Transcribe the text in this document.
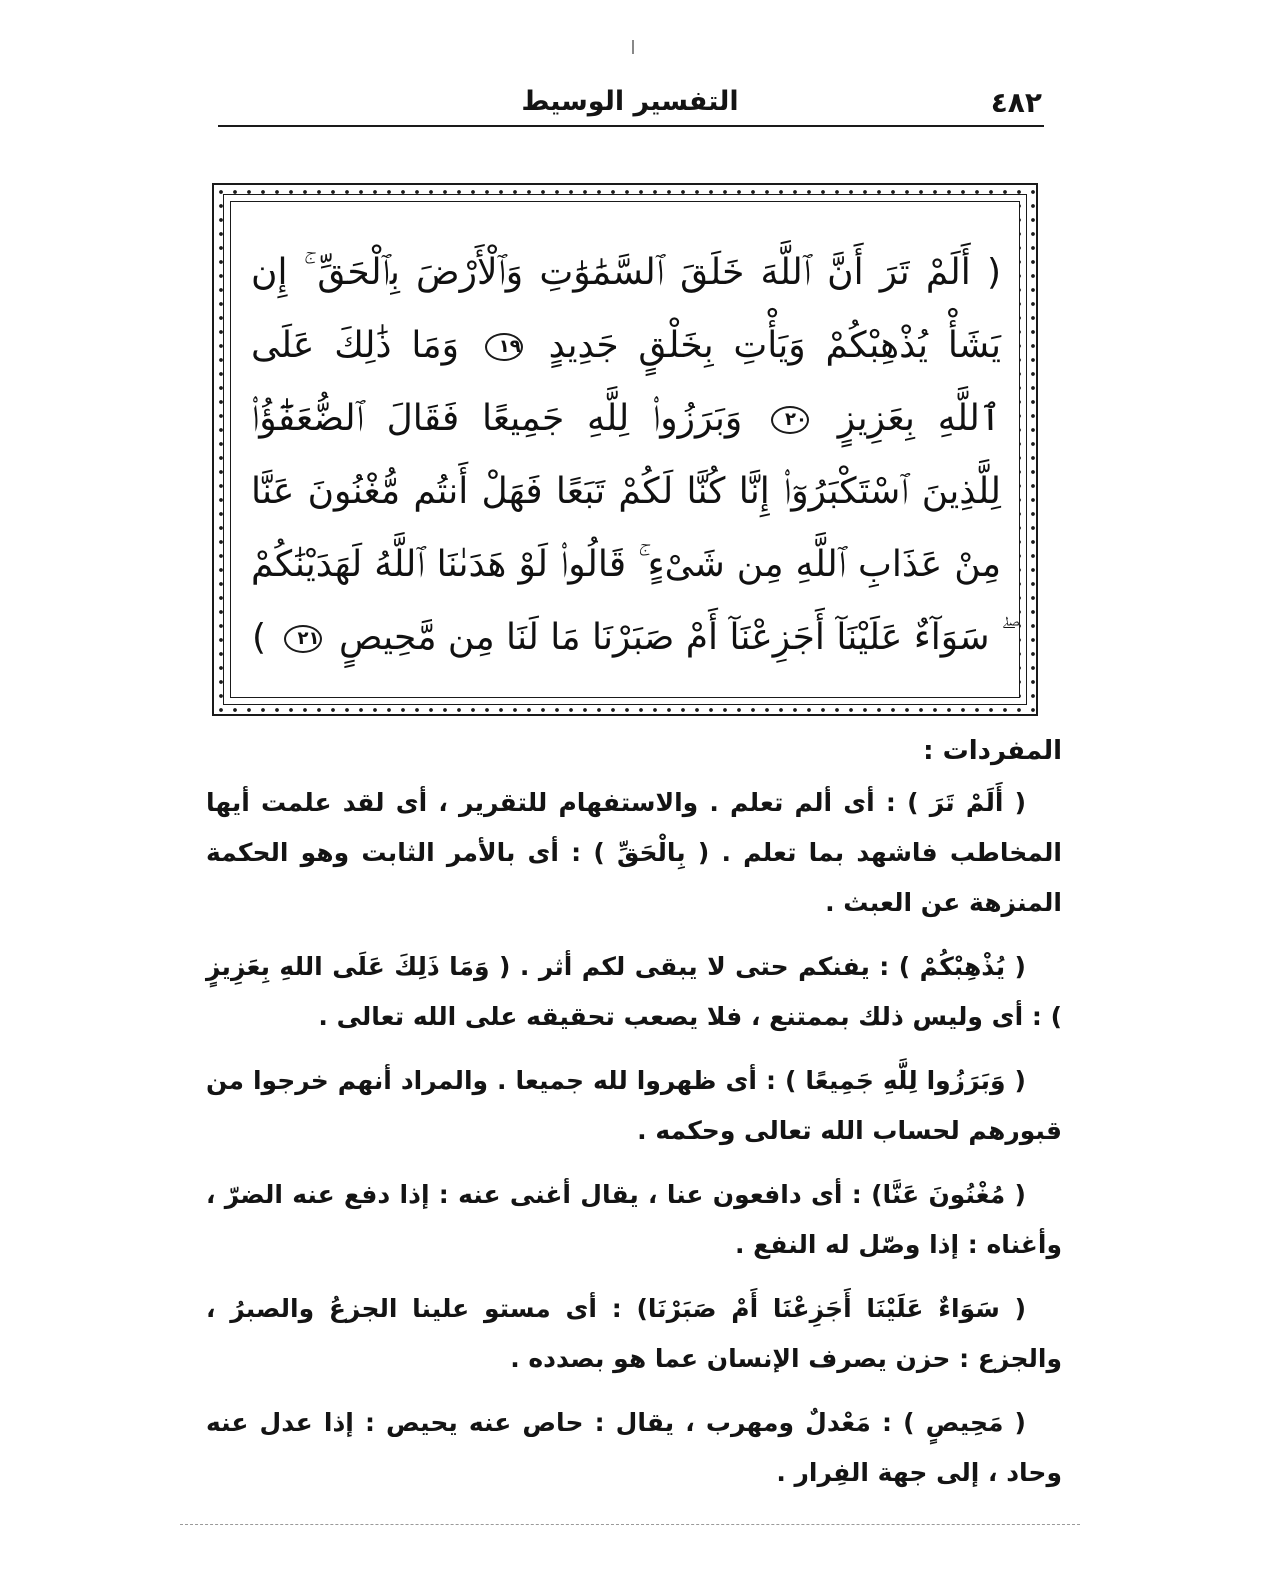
٤٨٢
التفسير الوسيط
( أَلَمْ تَرَ أَنَّ ٱللَّهَ خَلَقَ ٱلسَّمَٰوَٰتِ وَٱلْأَرْضَ بِٱلْحَقِّ ۚ إِن يَشَأْ يُذْهِبْكُمْ وَيَأْتِ بِخَلْقٍ جَدِيدٍ ١٩ وَمَا ذَٰلِكَ عَلَى ٱللَّهِ بِعَزِيزٍ ٢٠ وَبَرَزُوا۟ لِلَّهِ جَمِيعًا فَقَالَ ٱلضُّعَفَٰٓؤُا۟ لِلَّذِينَ ٱسْتَكْبَرُوٓا۟ إِنَّا كُنَّا لَكُمْ تَبَعًا فَهَلْ أَنتُم مُّغْنُونَ عَنَّا مِنْ عَذَابِ ٱللَّهِ مِن شَىْءٍ ۚ قَالُوا۟ لَوْ هَدَىٰنَا ٱللَّهُ لَهَدَيْنَٰكُمْ ۖ سَوَآءٌ عَلَيْنَآ أَجَزِعْنَآ أَمْ صَبَرْنَا مَا لَنَا مِن مَّحِيصٍ ٢١ )
المفردات :

( أَلَمْ تَرَ ) : أى ألم تعلم . والاستفهام للتقرير ، أى لقد علمت أيها المخاطب فاشهد بما تعلم . ( بِالْحَقِّ ) : أى بالأمر الثابت وهو الحكمة المنزهة عن العبث .

( يُذْهِبْكُمْ ) : يفنكم حتى لا يبقى لكم أثر . ( وَمَا ذَلِكَ عَلَى اللهِ بِعَزِيزٍ ) : أى وليس ذلك بممتنع ، فلا يصعب تحقيقه على الله تعالى .

( وَبَرَزُوا لِلَّهِ جَمِيعًا ) : أى ظهروا لله جميعا . والمراد أنهم خرجوا من قبورهم لحساب الله تعالى وحكمه .

( مُغْنُونَ عَنَّا) : أى دافعون عنا ، يقال أغنى عنه : إذا دفع عنه الضرّ ، وأغناه : إذا وصّل له النفع .

( سَوَاءٌ عَلَيْنَا أَجَزِعْنَا أَمْ صَبَرْنَا) : أى مستو علينا الجزعُ والصبرُ ، والجزع : حزن يصرف الإنسان عما هو بصدده .

( مَحِيصٍ ) : مَعْدلٌ ومهرب ، يقال : حاص عنه يحيص : إذا عدل عنه وحاد ، إلى جهة الفِرار .
